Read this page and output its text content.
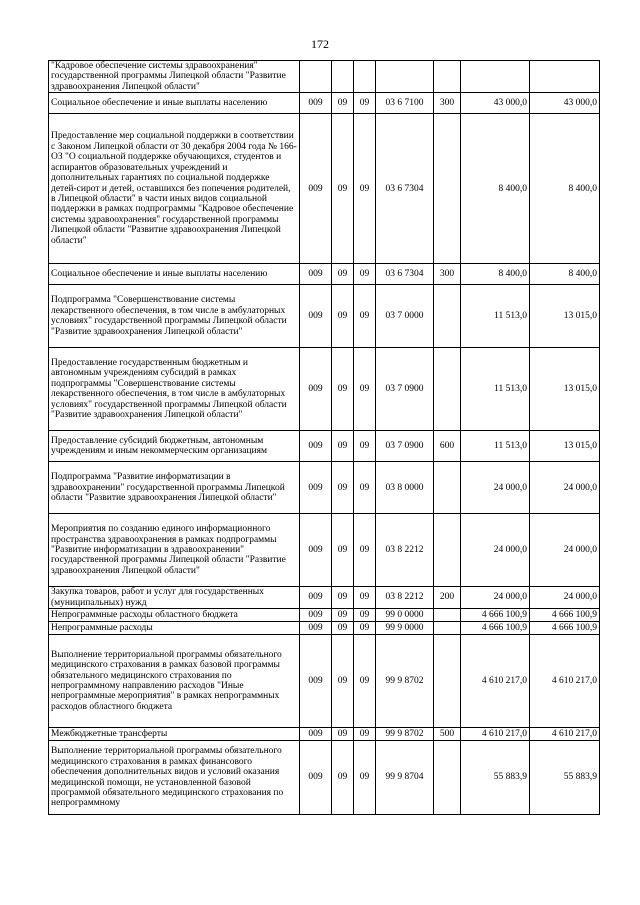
172
"Кадровое обеспечение системы здравоохранения" государственной программы Липецкой области "Развитие здравоохранения Липецкой области"							
Социальное обеспечение и иные выплаты населению	009	09	09	03 6 7100	300	43 000,0	43 000,0
Предоставление мер социальной поддержки в соответствии с Законом Липецкой области от 30 декабря 2004 года № 166-ОЗ "О социальной поддержке обучающихся, студентов и аспирантов образовательных учреждений и дополнительных гарантиях по социальной поддержке детей-сирот и детей, оставшихся без попечения родителей, в Липецкой области" в части иных видов социальной поддержки в рамках подпрограммы "Кадровое обеспечение системы здравоохранения" государственной программы Липецкой области "Развитие здравоохранения Липецкой области"	009	09	09	03 6 7304		8 400,0	8 400,0
Социальное обеспечение и иные выплаты населению	009	09	09	03 6 7304	300	8 400,0	8 400,0
Подпрограмма "Совершенствование системы лекарственного обеспечения, в том числе в амбулаторных условиях" государственной программы Липецкой области "Развитие здравоохранения Липецкой области"	009	09	09	03 7 0000		11 513,0	13 015,0
Предоставление государственным бюджетным и автономным учреждениям субсидий в рамках подпрограммы "Совершенствование системы лекарственного обеспечения, в том числе в амбулаторных условиях" государственной программы Липецкой области "Развитие здравоохранения Липецкой области"	009	09	09	03 7 0900		11 513,0	13 015,0
Предоставление субсидий бюджетным, автономным учреждениям и иным некоммерческим организациям	009	09	09	03 7 0900	600	11 513,0	13 015,0
Подпрограмма "Развитие информатизации в здравоохранении" государственной программы Липецкой области "Развитие здравоохранения Липецкой области"	009	09	09	03 8 0000		24 000,0	24 000,0
Мероприятия по созданию единого информационного пространства здравоохранения в рамках подпрограммы "Развитие информатизации в здравоохранении" государственной программы Липецкой области "Развитие здравоохранения Липецкой области"	009	09	09	03 8 2212		24 000,0	24 000,0
Закупка товаров, работ и услуг для государственных (муниципальных) нужд	009	09	09	03 8 2212	200	24 000,0	24 000,0
Непрограммные расходы областного бюджета	009	09	09	99 0 0000		4 666 100,9	4 666 100,9
Непрограммные расходы	009	09	09	99 9 0000		4 666 100,9	4 666 100,9
Выполнение территориальной программы обязательного медицинского страхования в рамках базовой программы обязательного медицинского страхования по непрограммному направлению расходов "Иные непрограммные мероприятия" в рамках непрограммных расходов областного бюджета	009	09	09	99 9 8702		4 610 217,0	4 610 217,0
Межбюджетные трансферты	009	09	09	99 9 8702	500	4 610 217,0	4 610 217,0
Выполнение территориальной программы обязательного медицинского страхования в рамках финансового обеспечения дополнительных видов и условий оказания медицинской помощи, не установленной базовой программой обязательного медицинского страхования по непрограммному	009	09	09	99 9 8704		55 883,9	55 883,9
